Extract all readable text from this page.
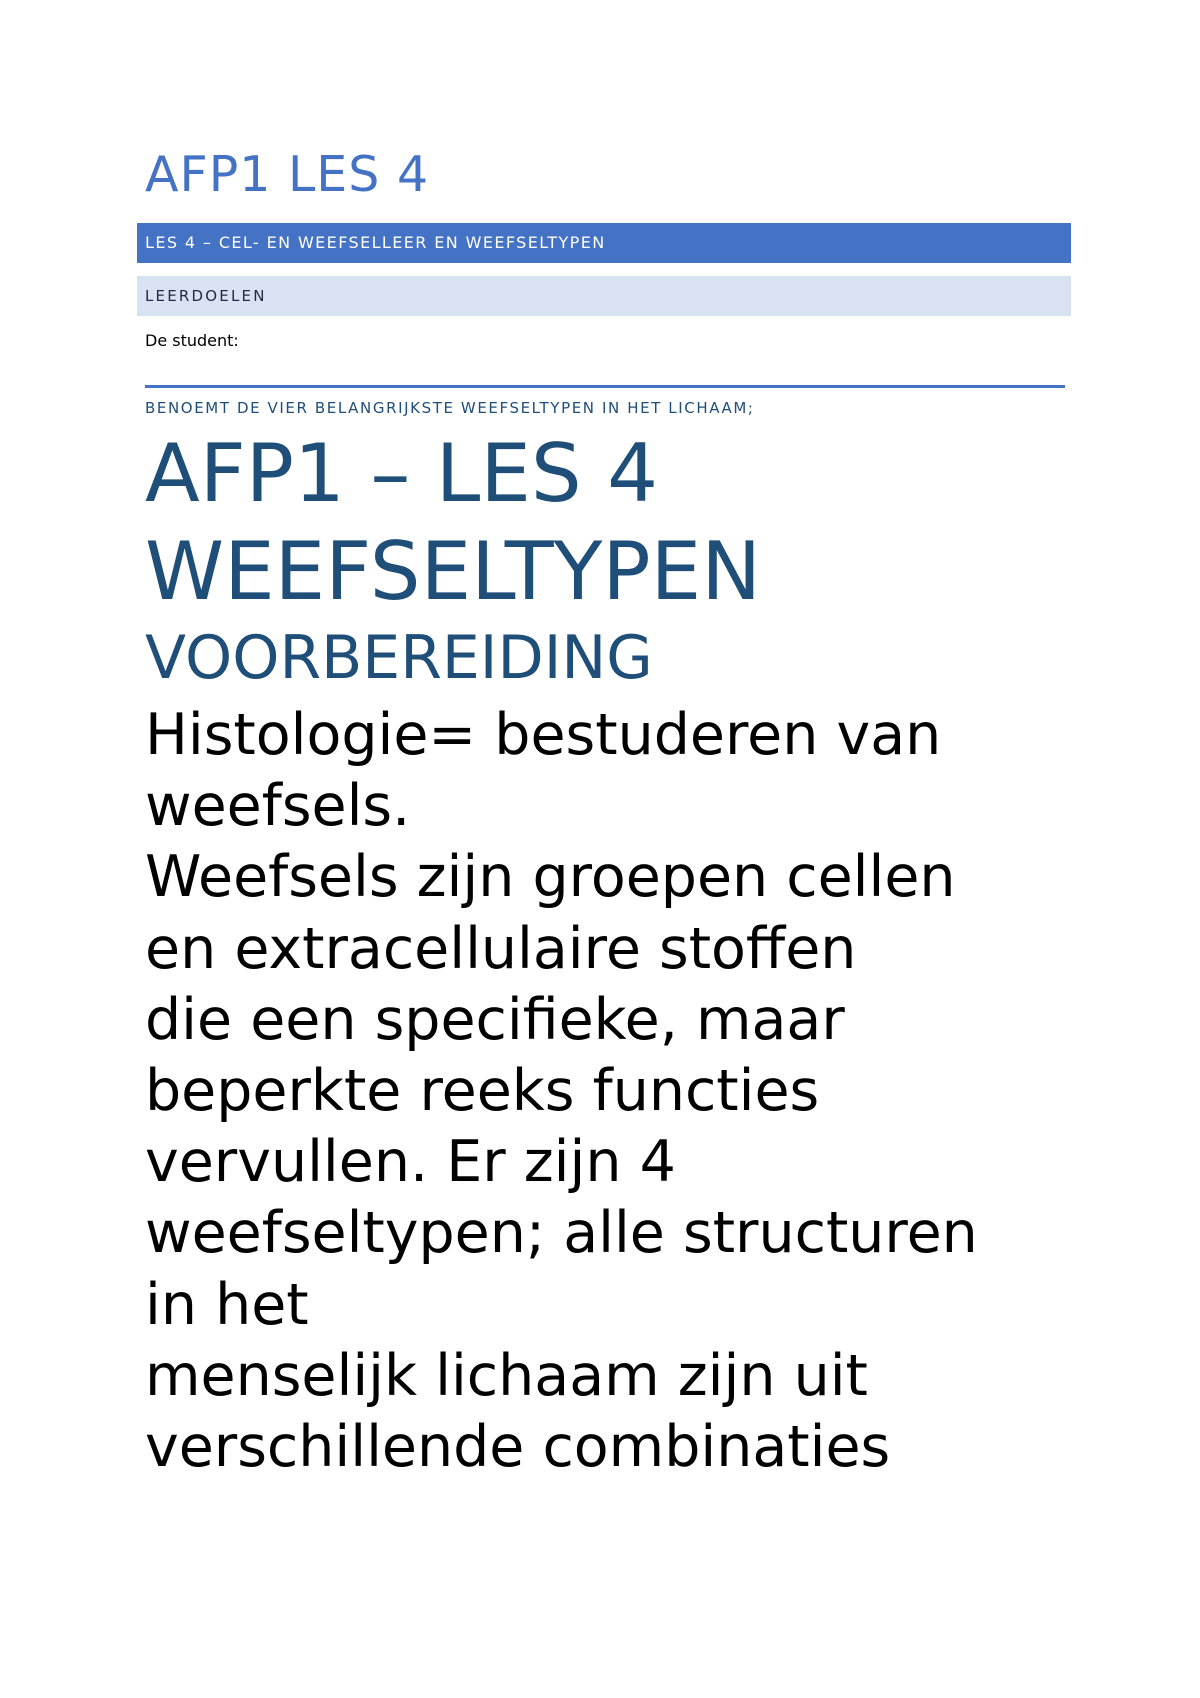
AFP1 LES 4
LES 4 – CEL- EN WEEFSELLEER EN WEEFSELTYPEN
LEERDOELEN

De student:

BENOEMT DE VIER BELANGRIJKSTE WEEFSELTYPEN IN HET LICHAAM;

AFP1 – LES 4
WEEFSELTYPEN
VOORBEREIDING
Histologie= bestuderen van
weefsels.
Weefsels zijn groepen cellen
en extracellulaire stoffen
die een specifieke, maar
beperkte reeks functies
vervullen. Er zijn 4
weefseltypen; alle structuren
in het
menselijk lichaam zijn uit
verschillende combinaties
